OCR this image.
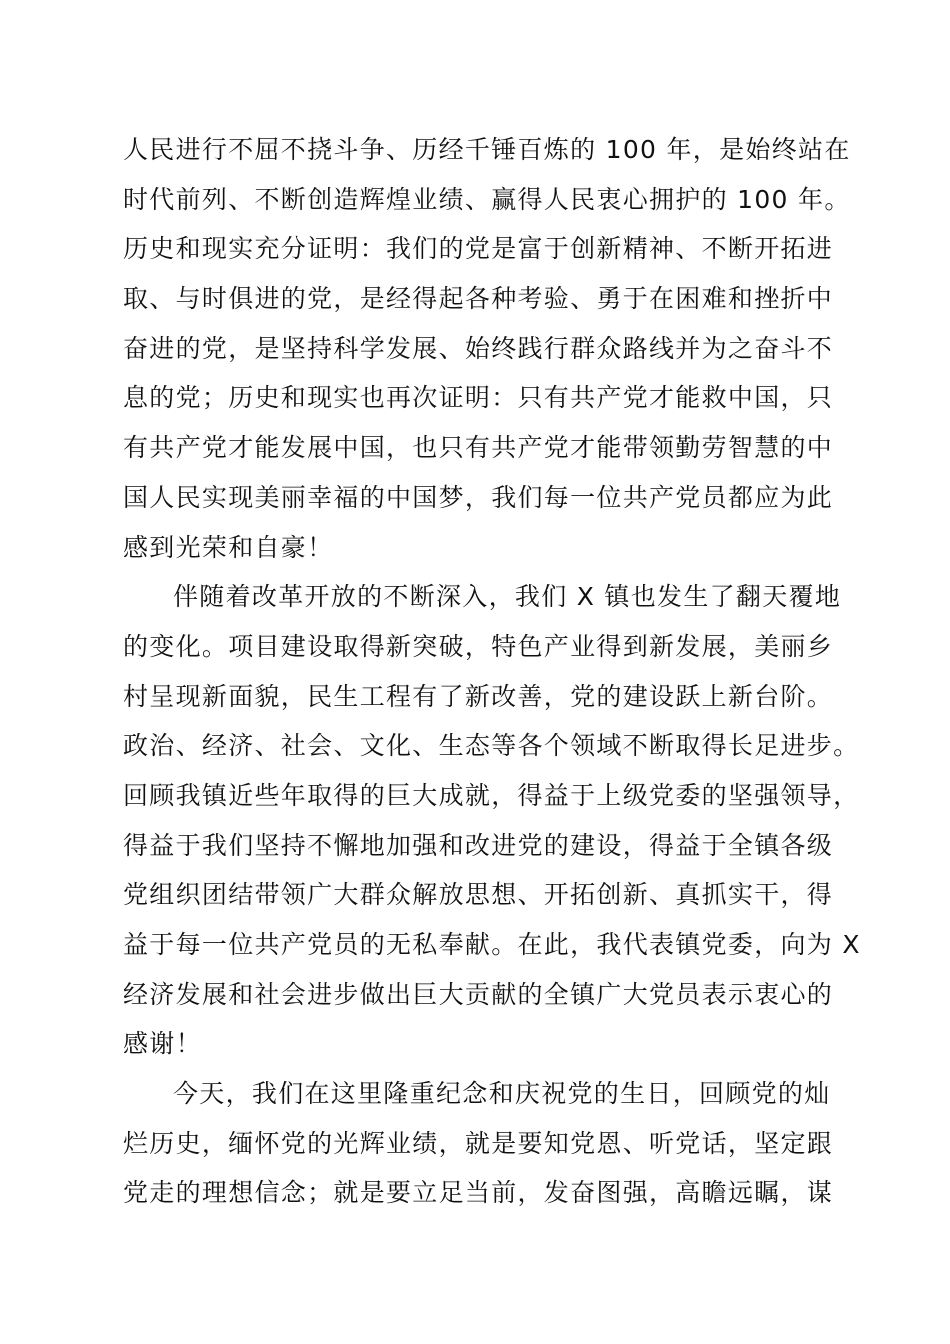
人民进行不屈不挠斗争、历经千锤百炼的 100 年，是始终站在
时代前列、不断创造辉煌业绩、赢得人民衷心拥护的 100 年。
历史和现实充分证明：我们的党是富于创新精神、不断开拓进
取、与时俱进的党，是经得起各种考验、勇于在困难和挫折中
奋进的党，是坚持科学发展、始终践行群众路线并为之奋斗不
息的党；历史和现实也再次证明：只有共产党才能救中国，只
有共产党才能发展中国，也只有共产党才能带领勤劳智慧的中
国人民实现美丽幸福的中国梦，我们每一位共产党员都应为此
感到光荣和自豪！
伴随着改革开放的不断深入，我们 X 镇也发生了翻天覆地
的变化。项目建设取得新突破，特色产业得到新发展，美丽乡
村呈现新面貌，民生工程有了新改善，党的建设跃上新台阶。
政治、经济、社会、文化、生态等各个领域不断取得长足进步。
回顾我镇近些年取得的巨大成就，得益于上级党委的坚强领导，
得益于我们坚持不懈地加强和改进党的建设，得益于全镇各级
党组织团结带领广大群众解放思想、开拓创新、真抓实干，得
益于每一位共产党员的无私奉献。在此，我代表镇党委，向为 X
经济发展和社会进步做出巨大贡献的全镇广大党员表示衷心的
感谢！
今天，我们在这里隆重纪念和庆祝党的生日，回顾党的灿
烂历史，缅怀党的光辉业绩，就是要知党恩、听党话，坚定跟
党走的理想信念；就是要立足当前，发奋图强，高瞻远瞩，谋
